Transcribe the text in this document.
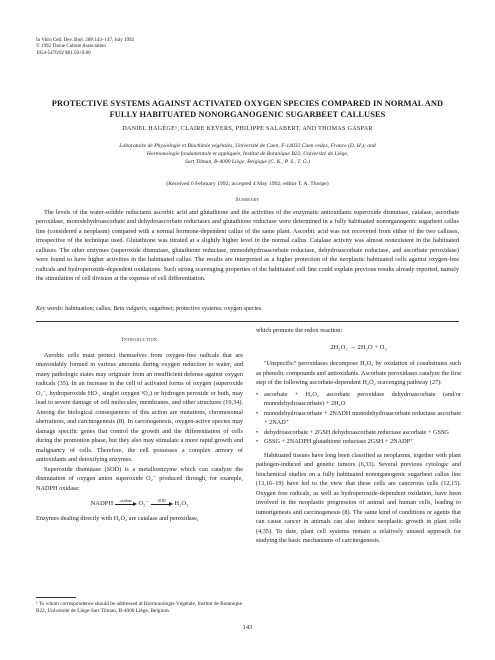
In Vitro Cell. Dev. Biol. 28P:143–147, July 1992
© 1992 Tissue Culture Association
1054-5476/92 $01.50+0.00
PROTECTIVE SYSTEMS AGAINST ACTIVATED OXYGEN SPECIES COMPARED IN NORMAL AND FULLY HABITUATED NONORGANOGENIC SUGARBEET CALLUSES
DANIEL HAGÈGE¹, CLAIRE KEVERS, PHILIPPE SALABERT, AND THOMAS GASPAR
Laboratoire de Physiologie et Biochimie végétales, Université de Caen, F-14032 Caen cedex, France (D. H.); and
Hormonologie fondamentale et appliquée, Institut de Botanique B22, Université de Liège,
Sart Tilman, B-4000 Liège, Belgique (C. K., P. S., T. G.)
(Received 6 February 1992; accepted 4 May 1992; editor T. A. Thorpe)
Summary
The levels of the water-soluble reductants ascorbic acid and glutathione and the activities of the enzymatic antioxidants superoxide dismutase, catalase, ascorbate peroxidase, monodehydroascorbate and dehydroascorbate reductases and glutathione reductase were determined in a fully habituated nonorganogenic sugarbeet callus line (considered a neoplasm) compared with a normal hormone-dependent callus of the same plant. Ascorbic acid was not recovered from either of the two calluses, irrespective of the technique used. Glutathione was titrated at a slightly higher level in the normal callus. Catalase activity was almost nonexistent in the habituated calluses. The other enzymes (superoxide dismutase, glutathione reductase, monodehydroascorbate reductase, dehydroascorbate reductase, and ascorbate peroxidase) were found to have higher activities in the habituated callus. The results are interpreted as a higher protection of the neoplastic habituated cells against oxygen-free radicals and hydroperoxide-dependent oxidations. Such strong scavenging properties of the habituated cell line could explain previous results already reported, namely the stimulation of cell division at the expense of cell differentiation.
Key words: habituation; callus; Beta vulgaris; sugarbeet; protective systems; oxygen species.
Introduction

Aerobic cells must protect themselves from oxygen-free radicals that are unavoidably formed in various amounts during oxygen reduction to water, and many pathologic states may originate from an insufficient defense against oxygen radicals (35). In an increase in the cell of activated forms of oxygen (superoxide O₂⁻, hydroperoxide HO·, singlet oxygen ¹O₂) or hydrogen peroxide or both, may lead to severe damage of cell molecules, membranes, and other structures (10,34). Among the biological consequences of this action are mutations, chromosomal aberrations, and carcinogenesis (8). In carcinogenesis, oxygen-active species may damage specific genes that control the growth and the differentiation of cells during the promotion phase, but they also may stimulate a more rapid growth and malignancy of cells. Therefore, the cell possesses a complex armory of antioxidants and detoxifying enzymes.

Superoxide dismutase (SOD) is a metalloenzyme which can catalyze the dismutation of oxygen anion superoxide O₂⁻ produced through, for example, NADPH oxidase:

NADPH	oxidase O₂⁻	SOD	H₂O₂

Enzymes dealing directly with H₂O₂ are catalase and peroxidase,

which promote the redox reaction:

2H₂O₂ → 2H₂O + O₂

"Unspecific" peroxidases decompose H₂O₂ by oxidation of cosubstrates such as phenolic compounds and antioxidants. Ascorbate peroxidases catalyze the first step of the following ascorbate-dependent H₂O₂ scavenging pathway (27):

• ascorbate + H₂O₂ ascorbate peroxidase dehydroascorbate (and/or monodehydroascorbate) + 2H₂O
• monodehydroascorbate + 2NADH monodehydroascorbate reductase ascorbate + 2NAD⁺
• dehydroascorbate + 2GSH dehydroascorbate reductase ascorbate + GSSG
• GSSG + 2NADPH glutathione reductase 2GSH + 2NADP⁺

Habituated tissues have long been classified as neoplasms, together with plant pathogen-induced and genetic tumors (6,33). Several previous cytologic and biochemical studies on a fully habituated nonorganogenic sugarbeet callus line (13,16–19) have led to the view that these cells are cancerous cells (12,15). Oxygen free radicals, as well as hydroperoxide-dependent oxidation, have been involved in the neoplastic progression of animal and human cells, leading to tumorigenesis and carcinogenesis (8). The same kind of conditions or agents that can cause cancer in animals can also induce neoplastic growth in plant cells (4,35). To date, plant cell systems remain a relatively unused approach for studying the basic mechanisms of carcinogenesis.

¹ To whom correspondence should be addressed at Hormonologie Végétale, Institut de Botanique B22, Université de Liège-Sart Tilman, B-4000 Liège, Belgium.
143
